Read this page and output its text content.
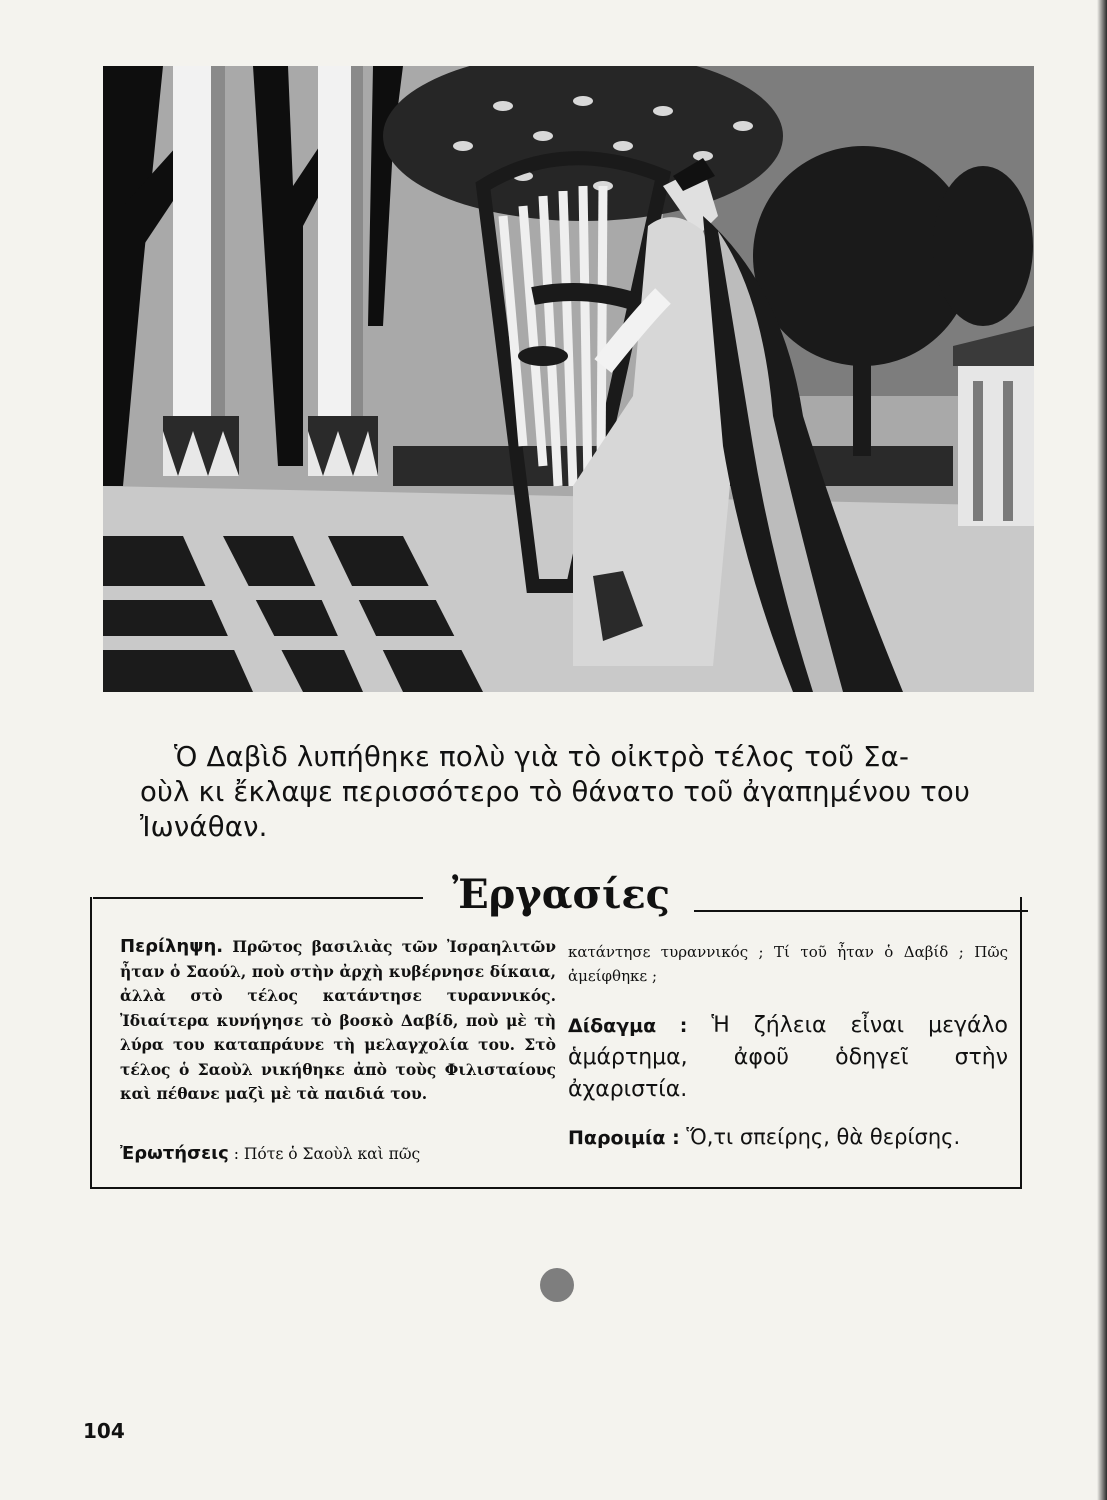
Ὁ Δαβὶδ λυπήθηκε πολὺ γιὰ τὸ οἰκτρὸ τέλος τοῦ Σα-
οὺλ κι ἔκλαψε περισσότερο τὸ θάνατο τοῦ ἀγαπημένου του
Ἰωνάθαν.
Ἐργασίες

Περίληψη. Πρῶτος βασιλιὰς τῶν Ἰσραηλιτῶν ἦταν ὁ Σαούλ, ποὺ στὴν ἀρχὴ κυβέρνησε δίκαια, ἀλλὰ στὸ τέλος κατάντησε τυραννικός. Ἰδιαίτερα κυνήγησε τὸ βοσκὸ Δαβίδ, ποὺ μὲ τὴ λύρα του καταπράυνε τὴ μελαγχολία του. Στὸ τέλος ὁ Σαοὺλ νικήθηκε ἀπὸ τοὺς Φιλισταίους καὶ πέθανε μαζὶ μὲ τὰ παιδιά του.

Ἐρωτήσεις : Πότε ὁ Σαοὺλ καὶ πῶς
κατάντησε τυραννικός ; Τί τοῦ ἦταν ὁ Δαβίδ ; Πῶς ἀμείφθηκε ;
Δίδαγμα : Ἡ ζήλεια εἶναι μεγάλο ἁμάρτημα, ἀφοῦ ὁδηγεῖ στὴν ἀχαριστία.
Παροιμία : Ὅ,τι σπείρης, θὰ θερίσης.
104
